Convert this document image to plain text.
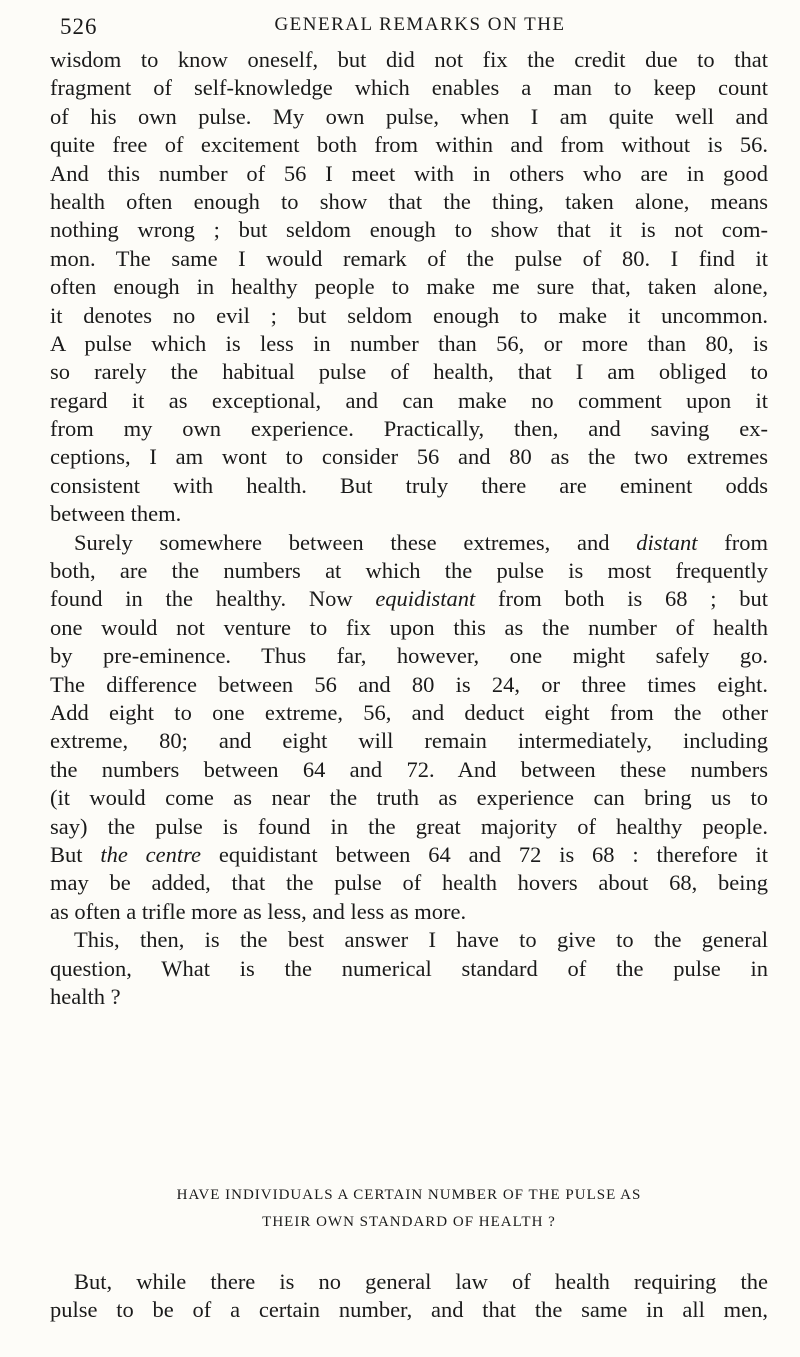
526	GENERAL REMARKS ON THE
wisdom to know oneself, but did not fix the credit due to that
fragment of self-knowledge which enables a man to keep count
of his own pulse. My own pulse, when I am quite well and
quite free of excitement both from within and from without is 56.
And this number of 56 I meet with in others who are in good
health often enough to show that the thing, taken alone, means
nothing wrong ; but seldom enough to show that it is not com-
mon. The same I would remark of the pulse of 80. I find it
often enough in healthy people to make me sure that, taken alone,
it denotes no evil ; but seldom enough to make it uncommon.
A pulse which is less in number than 56, or more than 80, is
so rarely the habitual pulse of health, that I am obliged to
regard it as exceptional, and can make no comment upon it
from my own experience. Practically, then, and saving ex-
ceptions, I am wont to consider 56 and 80 as the two extremes
consistent with health. But truly there are eminent odds
between them.
Surely somewhere between these extremes, and distant from
both, are the numbers at which the pulse is most frequently
found in the healthy. Now equidistant from both is 68 ; but
one would not venture to fix upon this as the number of health
by pre-eminence. Thus far, however, one might safely go.
The difference between 56 and 80 is 24, or three times eight.
Add eight to one extreme, 56, and deduct eight from the other
extreme, 80; and eight will remain intermediately, including
the numbers between 64 and 72. And between these numbers
(it would come as near the truth as experience can bring us to
say) the pulse is found in the great majority of healthy people.
But the centre equidistant between 64 and 72 is 68 : therefore it
may be added, that the pulse of health hovers about 68, being
as often a trifle more as less, and less as more.
This, then, is the best answer I have to give to the general
question, What is the numerical standard of the pulse in
health ?
HAVE INDIVIDUALS A CERTAIN NUMBER OF THE PULSE AS
THEIR OWN STANDARD OF HEALTH ?
But, while there is no general law of health requiring the
pulse to be of a certain number, and that the same in all men,
